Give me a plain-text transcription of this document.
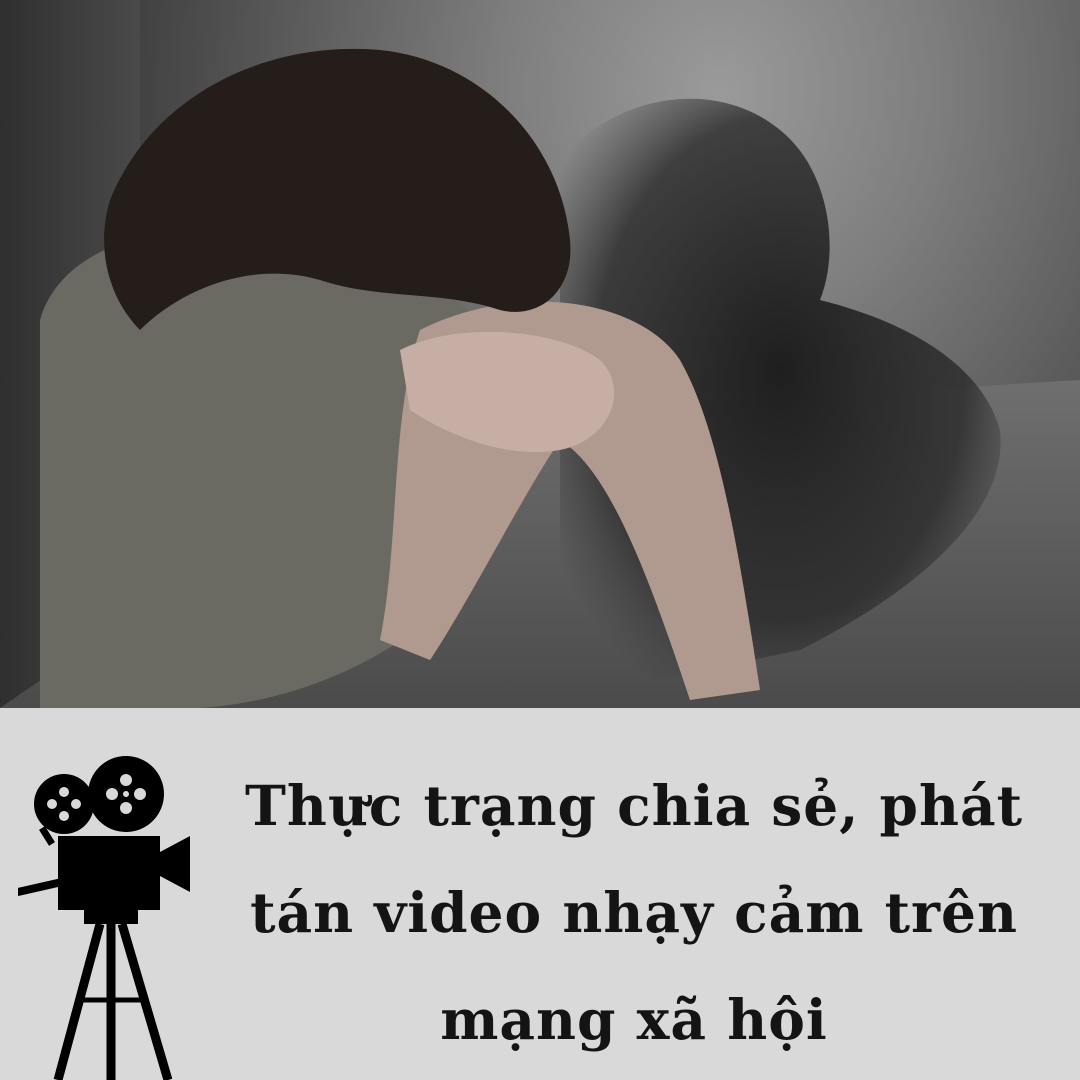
Thực trạng chia sẻ, phát
tán video nhạy cảm trên
mạng xã hội
